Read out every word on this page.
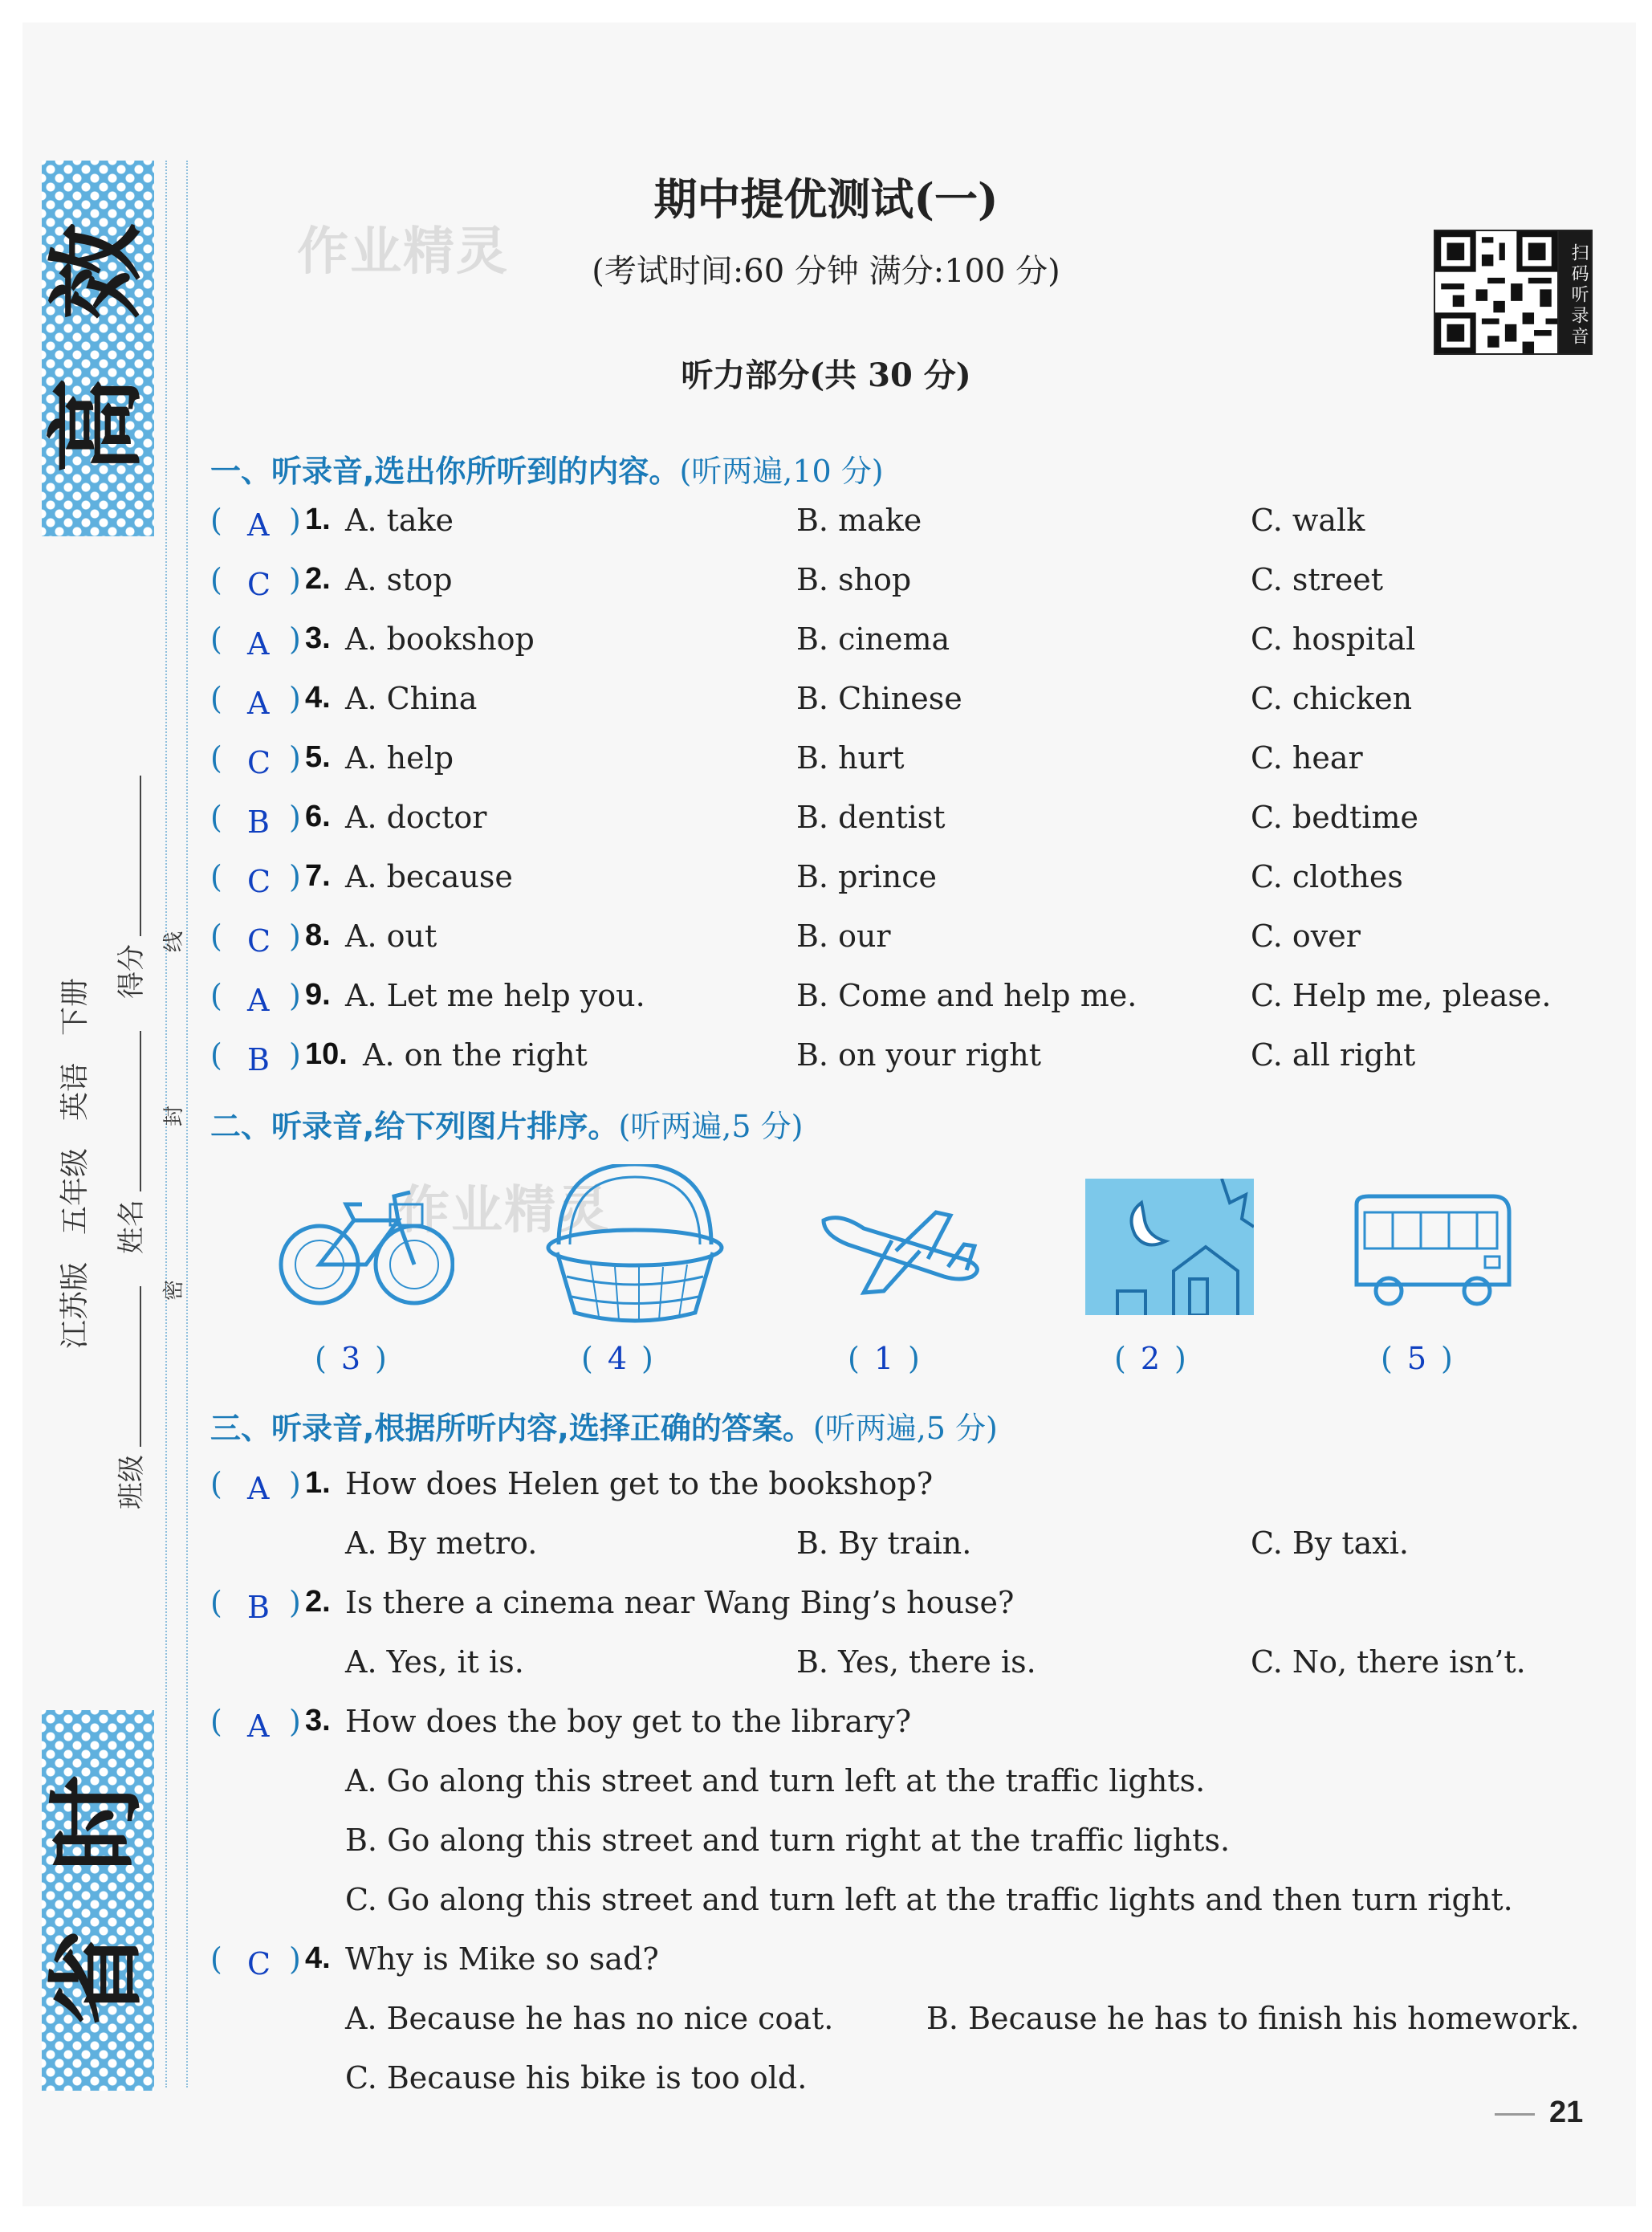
效
高
时
省
江苏版
五年级
英语
下册
班级
姓名
得分
密
封
线
作业精灵
作业精灵
期中提优测试(一)
(考试时间:60 分钟 满分:100 分)
听力部分(共 30 分)
扫码听录音
一、听录音,选出你所听到的内容。(听两遍,10 分)
( A ) 1. A. take	B. make	C. walk
( C ) 2. A. stop	B. shop	C. street
( A ) 3. A. bookshop	B. cinema	C. hospital
( A ) 4. A. China	B. Chinese	C. chicken
( C ) 5. A. help	B. hurt	C. hear
( B ) 6. A. doctor	B. dentist	C. bedtime
( C ) 7. A. because	B. prince	C. clothes
( C ) 8. A. out	B. our	C. over
( A ) 9. A. Let me help you.	B. Come and help me.	C. Help me, please.
( B ) 10. A. on the right	B. on your right	C. all right
二、听录音,给下列图片排序。(听两遍,5 分)
( 3 )	( 4 )	( 1 )	( 2 )	( 5 )
三、听录音,根据所听内容,选择正确的答案。(听两遍,5 分)
( A ) 1. How does Helen get to the bookshop?
A. By metro.	B. By train.	C. By taxi.
( B ) 2. Is there a cinema near Wang Bing’s house?
A. Yes, it is.	B. Yes, there is.	C. No, there isn’t.
( A ) 3. How does the boy get to the library?
A. Go along this street and turn left at the traffic lights.
B. Go along this street and turn right at the traffic lights.
C. Go along this street and turn left at the traffic lights and then turn right.
( C ) 4. Why is Mike so sad?
A. Because he has no nice coat.	B. Because he has to finish his homework.
C. Because his bike is too old.
21
